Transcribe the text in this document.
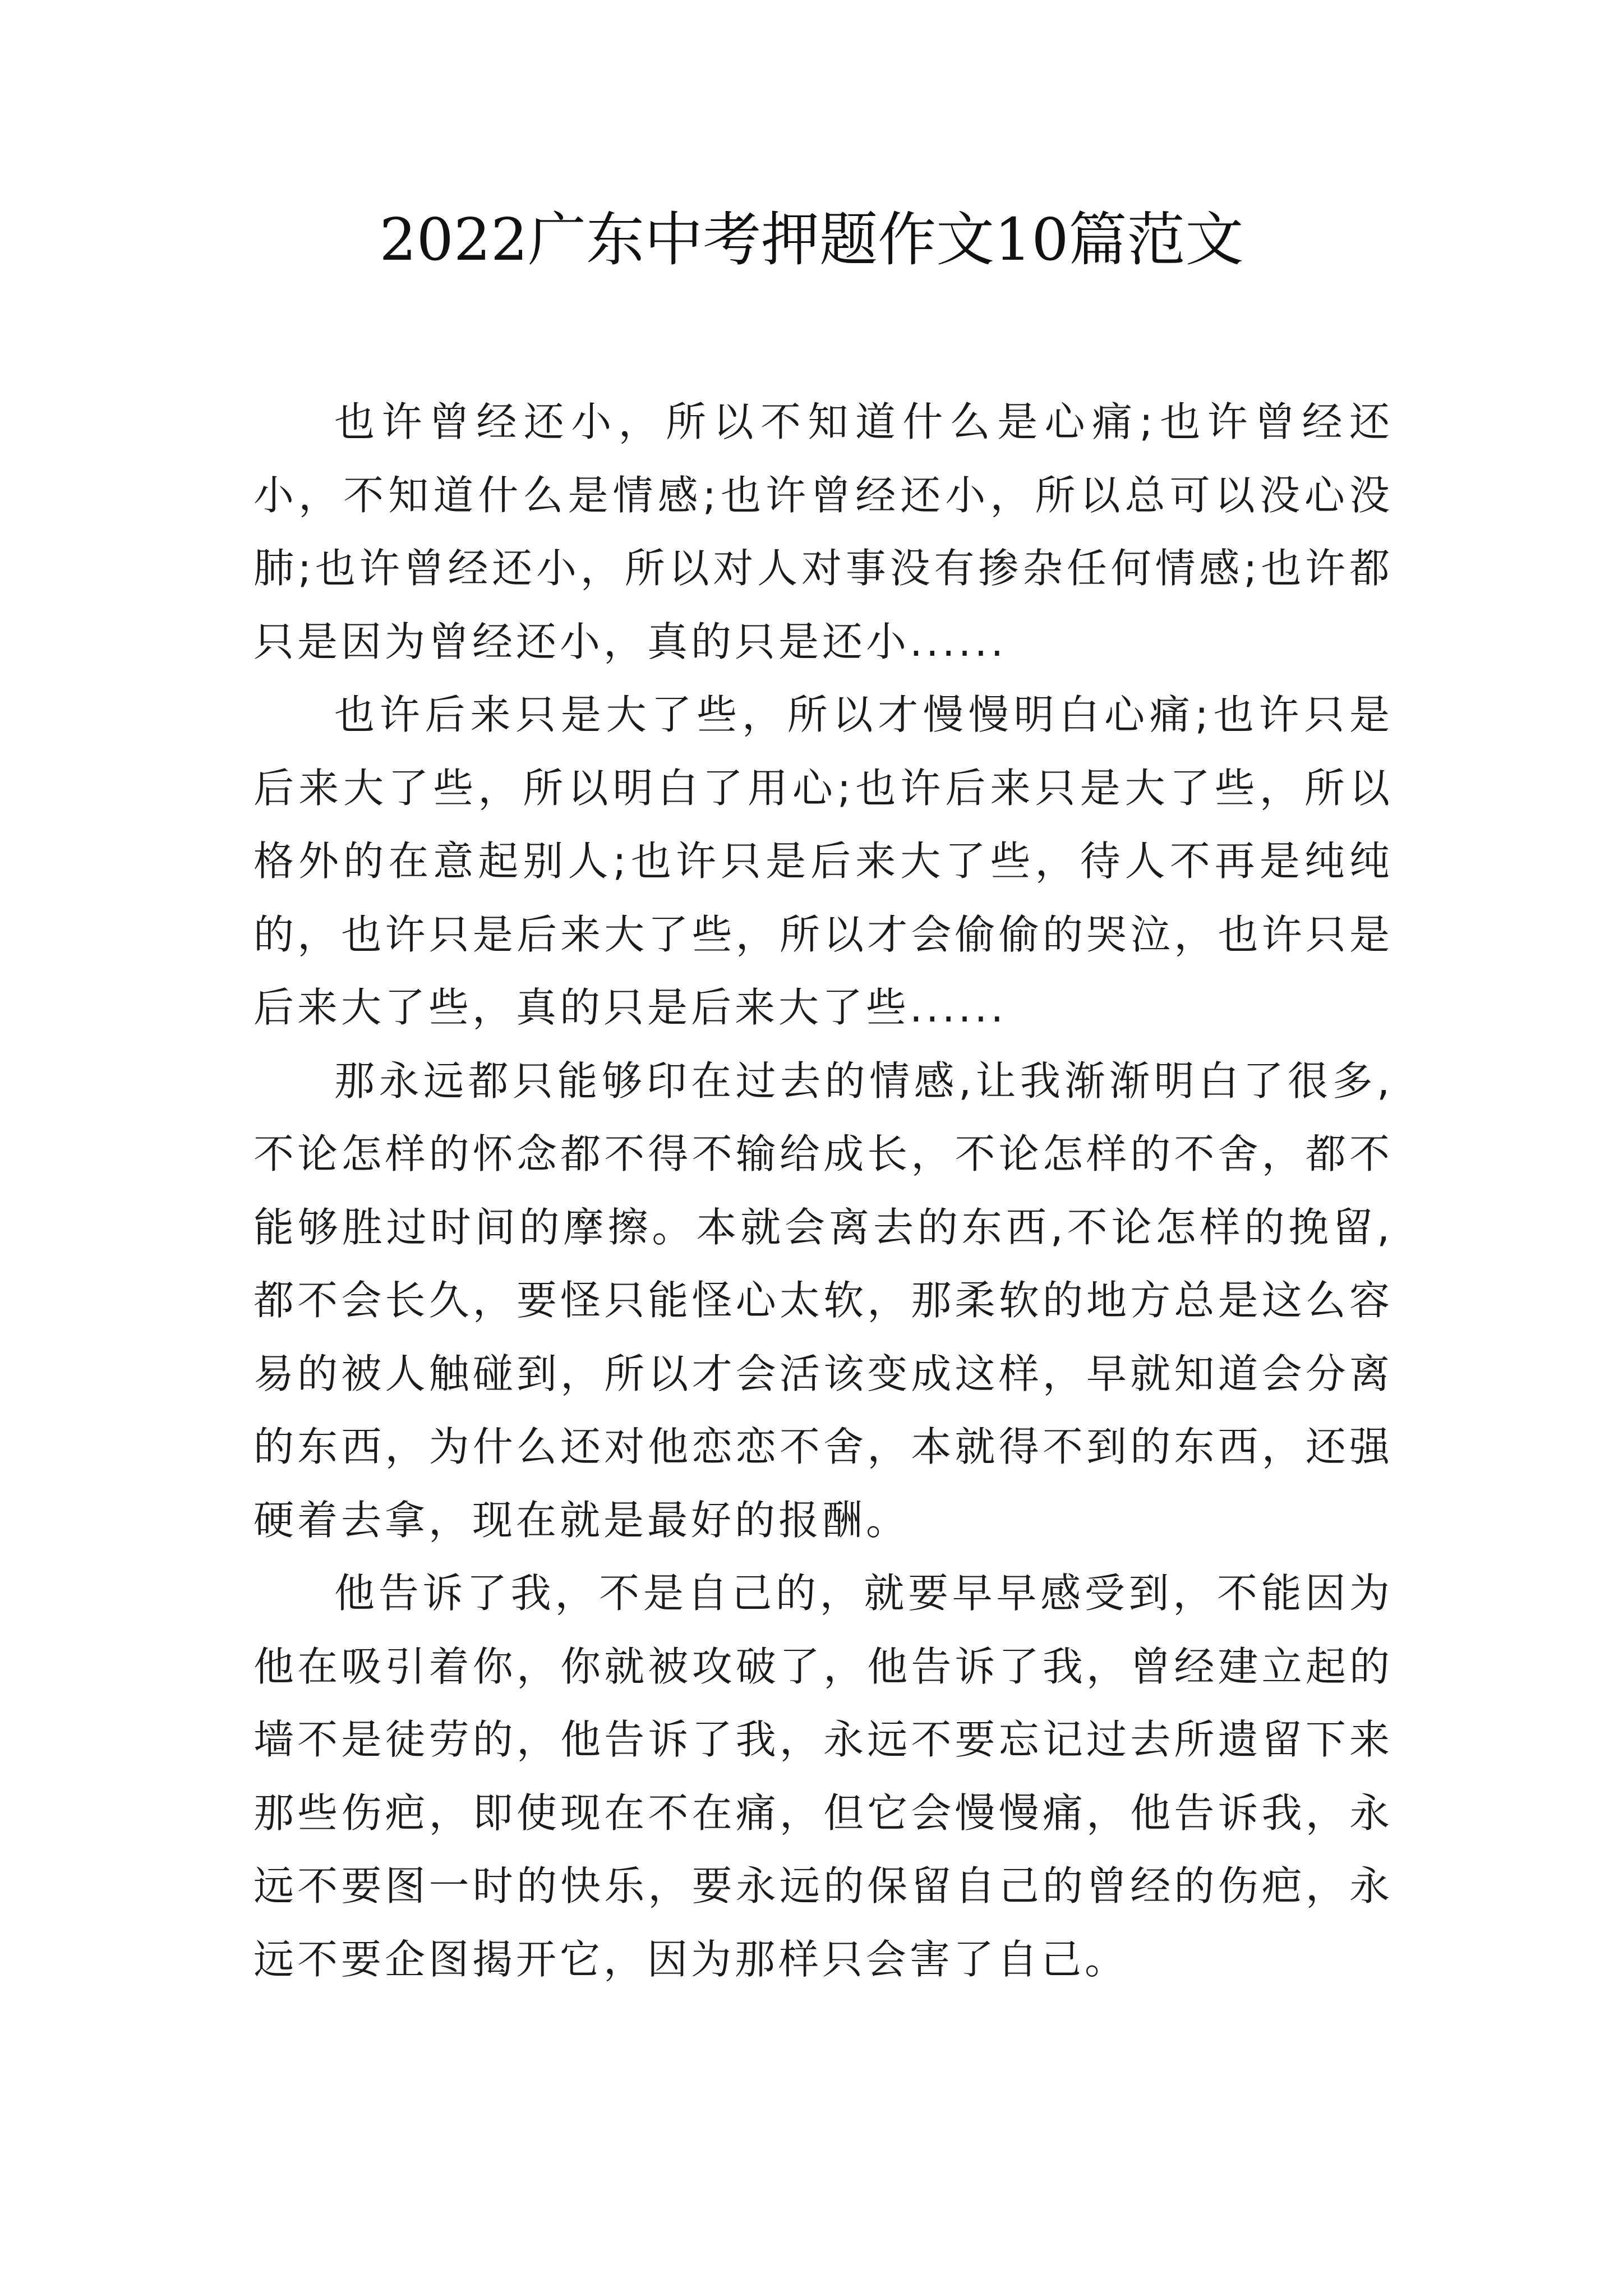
2022广东中考押题作文10篇范文

也许曾经还小，所以不知道什么是心痛;也许曾经还小，不知道什么是情感;也许曾经还小，所以总可以没心没肺;也许曾经还小，所以对人对事没有掺杂任何情感;也许都只是因为曾经还小，真的只是还小......

也许后来只是大了些，所以才慢慢明白心痛;也许只是后来大了些，所以明白了用心;也许后来只是大了些，所以格外的在意起别人;也许只是后来大了些，待人不再是纯纯的，也许只是后来大了些，所以才会偷偷的哭泣，也许只是后来大了些，真的只是后来大了些......

那永远都只能够印在过去的情感,让我渐渐明白了很多,不论怎样的怀念都不得不输给成长，不论怎样的不舍，都不能够胜过时间的摩擦。本就会离去的东西,不论怎样的挽留,都不会长久，要怪只能怪心太软，那柔软的地方总是这么容易的被人触碰到，所以才会活该变成这样，早就知道会分离的东西，为什么还对他恋恋不舍，本就得不到的东西，还强硬着去拿，现在就是最好的报酬。

他告诉了我，不是自己的，就要早早感受到，不能因为他在吸引着你，你就被攻破了，他告诉了我，曾经建立起的墙不是徒劳的，他告诉了我，永远不要忘记过去所遗留下来那些伤疤，即使现在不在痛，但它会慢慢痛，他告诉我，永远不要图一时的快乐，要永远的保留自己的曾经的伤疤，永远不要企图揭开它，因为那样只会害了自己。
